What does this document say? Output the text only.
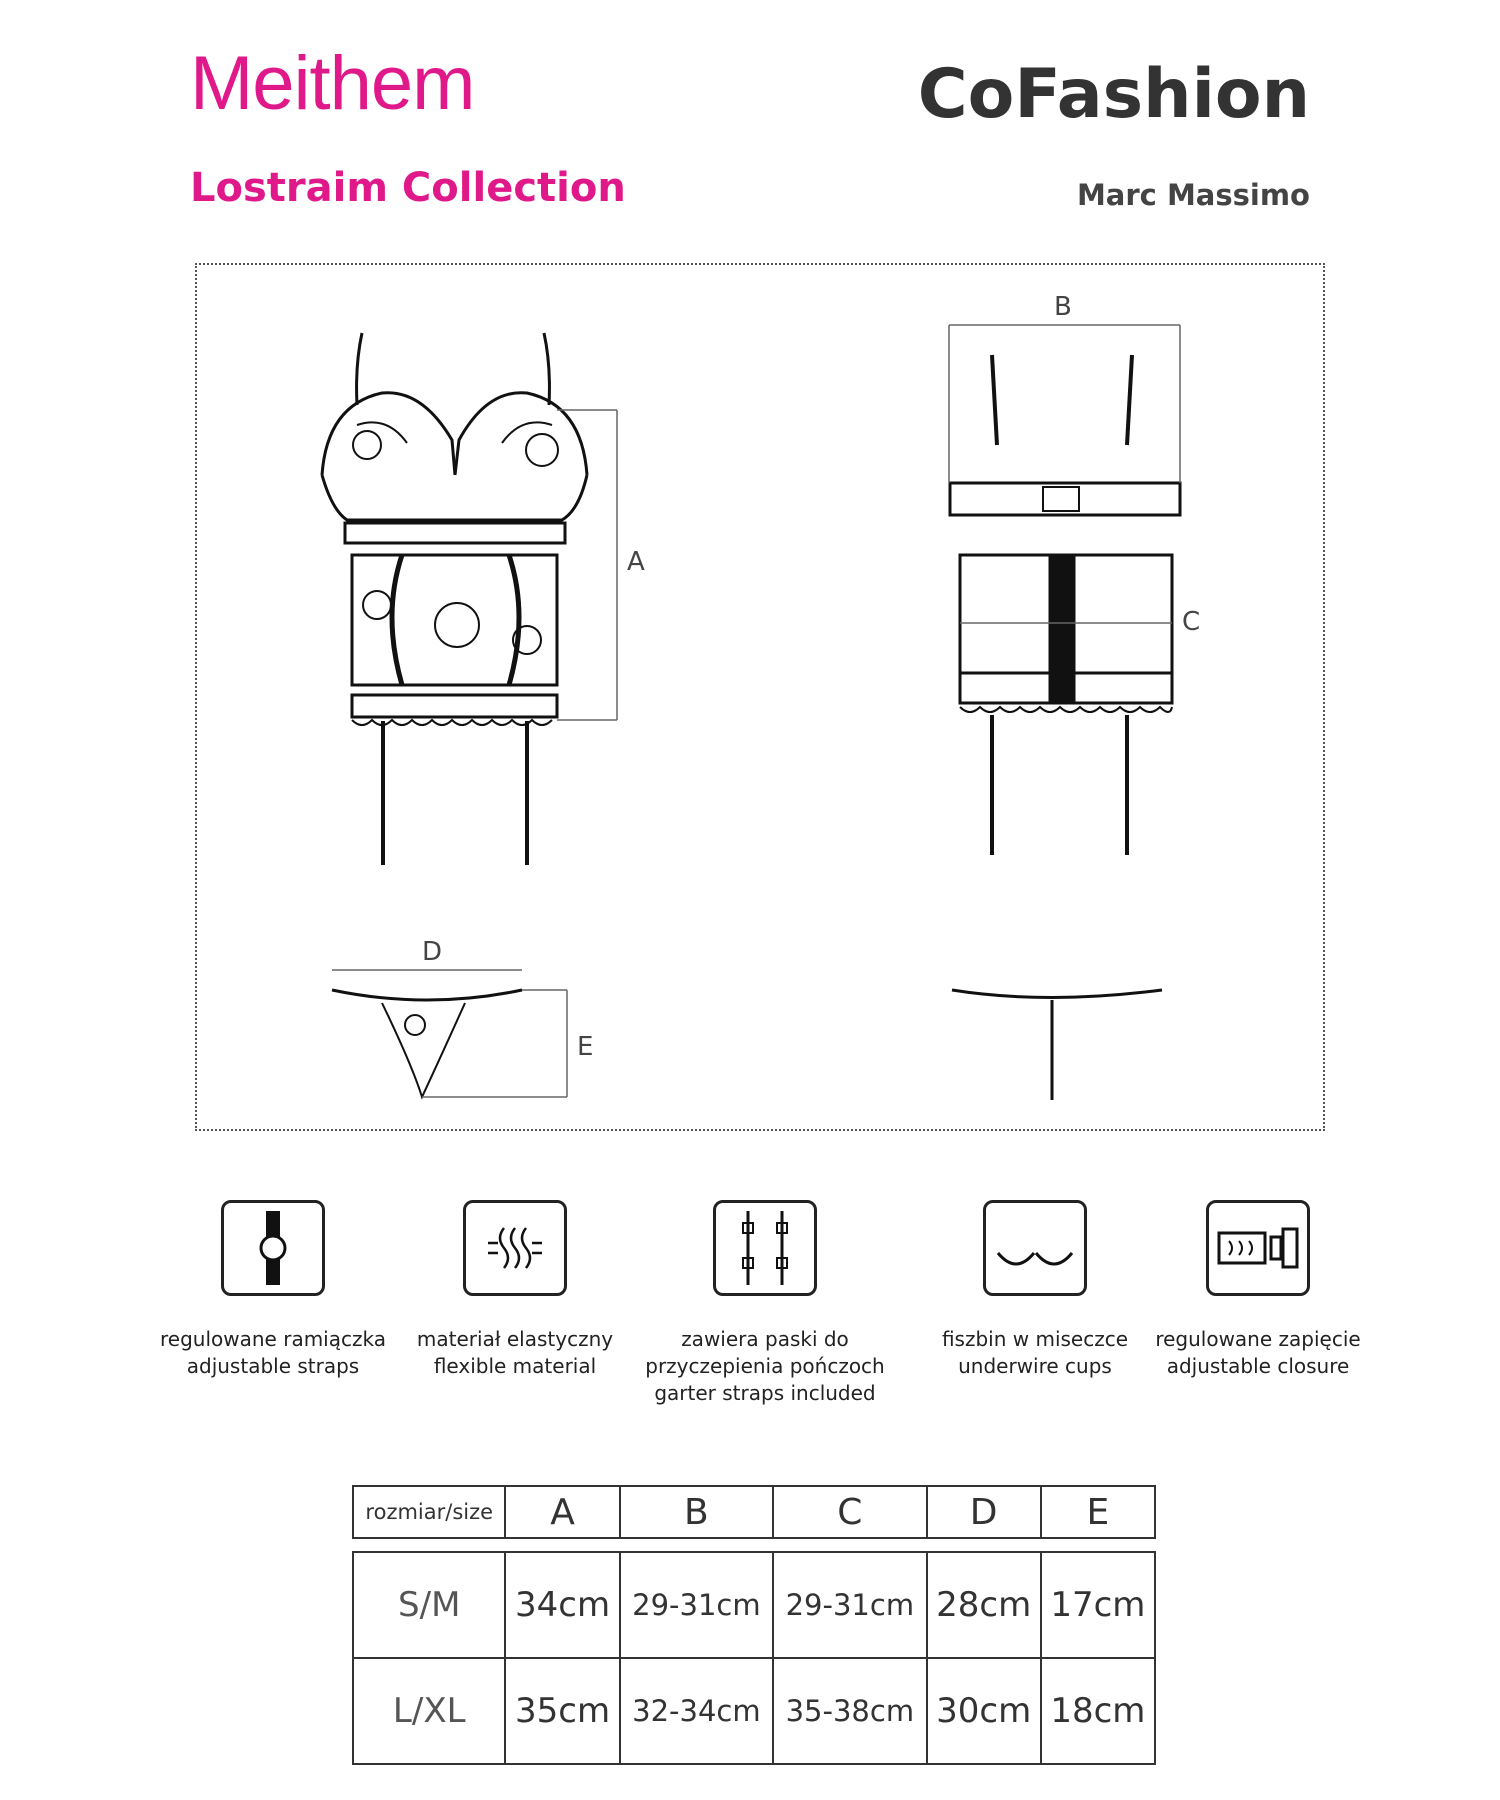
Meithem
Lostraim Collection
CoFashion
Marc Massimo
A
B
C
D
E
regulowane ramiączka
adjustable straps
materiał elastyczny
flexible material
zawiera paski do
przyczepienia pończoch
garter straps included
fiszbin w miseczce
underwire cups
regulowane zapięcie
adjustable closure
rozmiar/size	A	B	C	D	E

S/M	34cm	29-31cm	29-31cm	28cm	17cm
L/XL	35cm	32-34cm	35-38cm	30cm	18cm
